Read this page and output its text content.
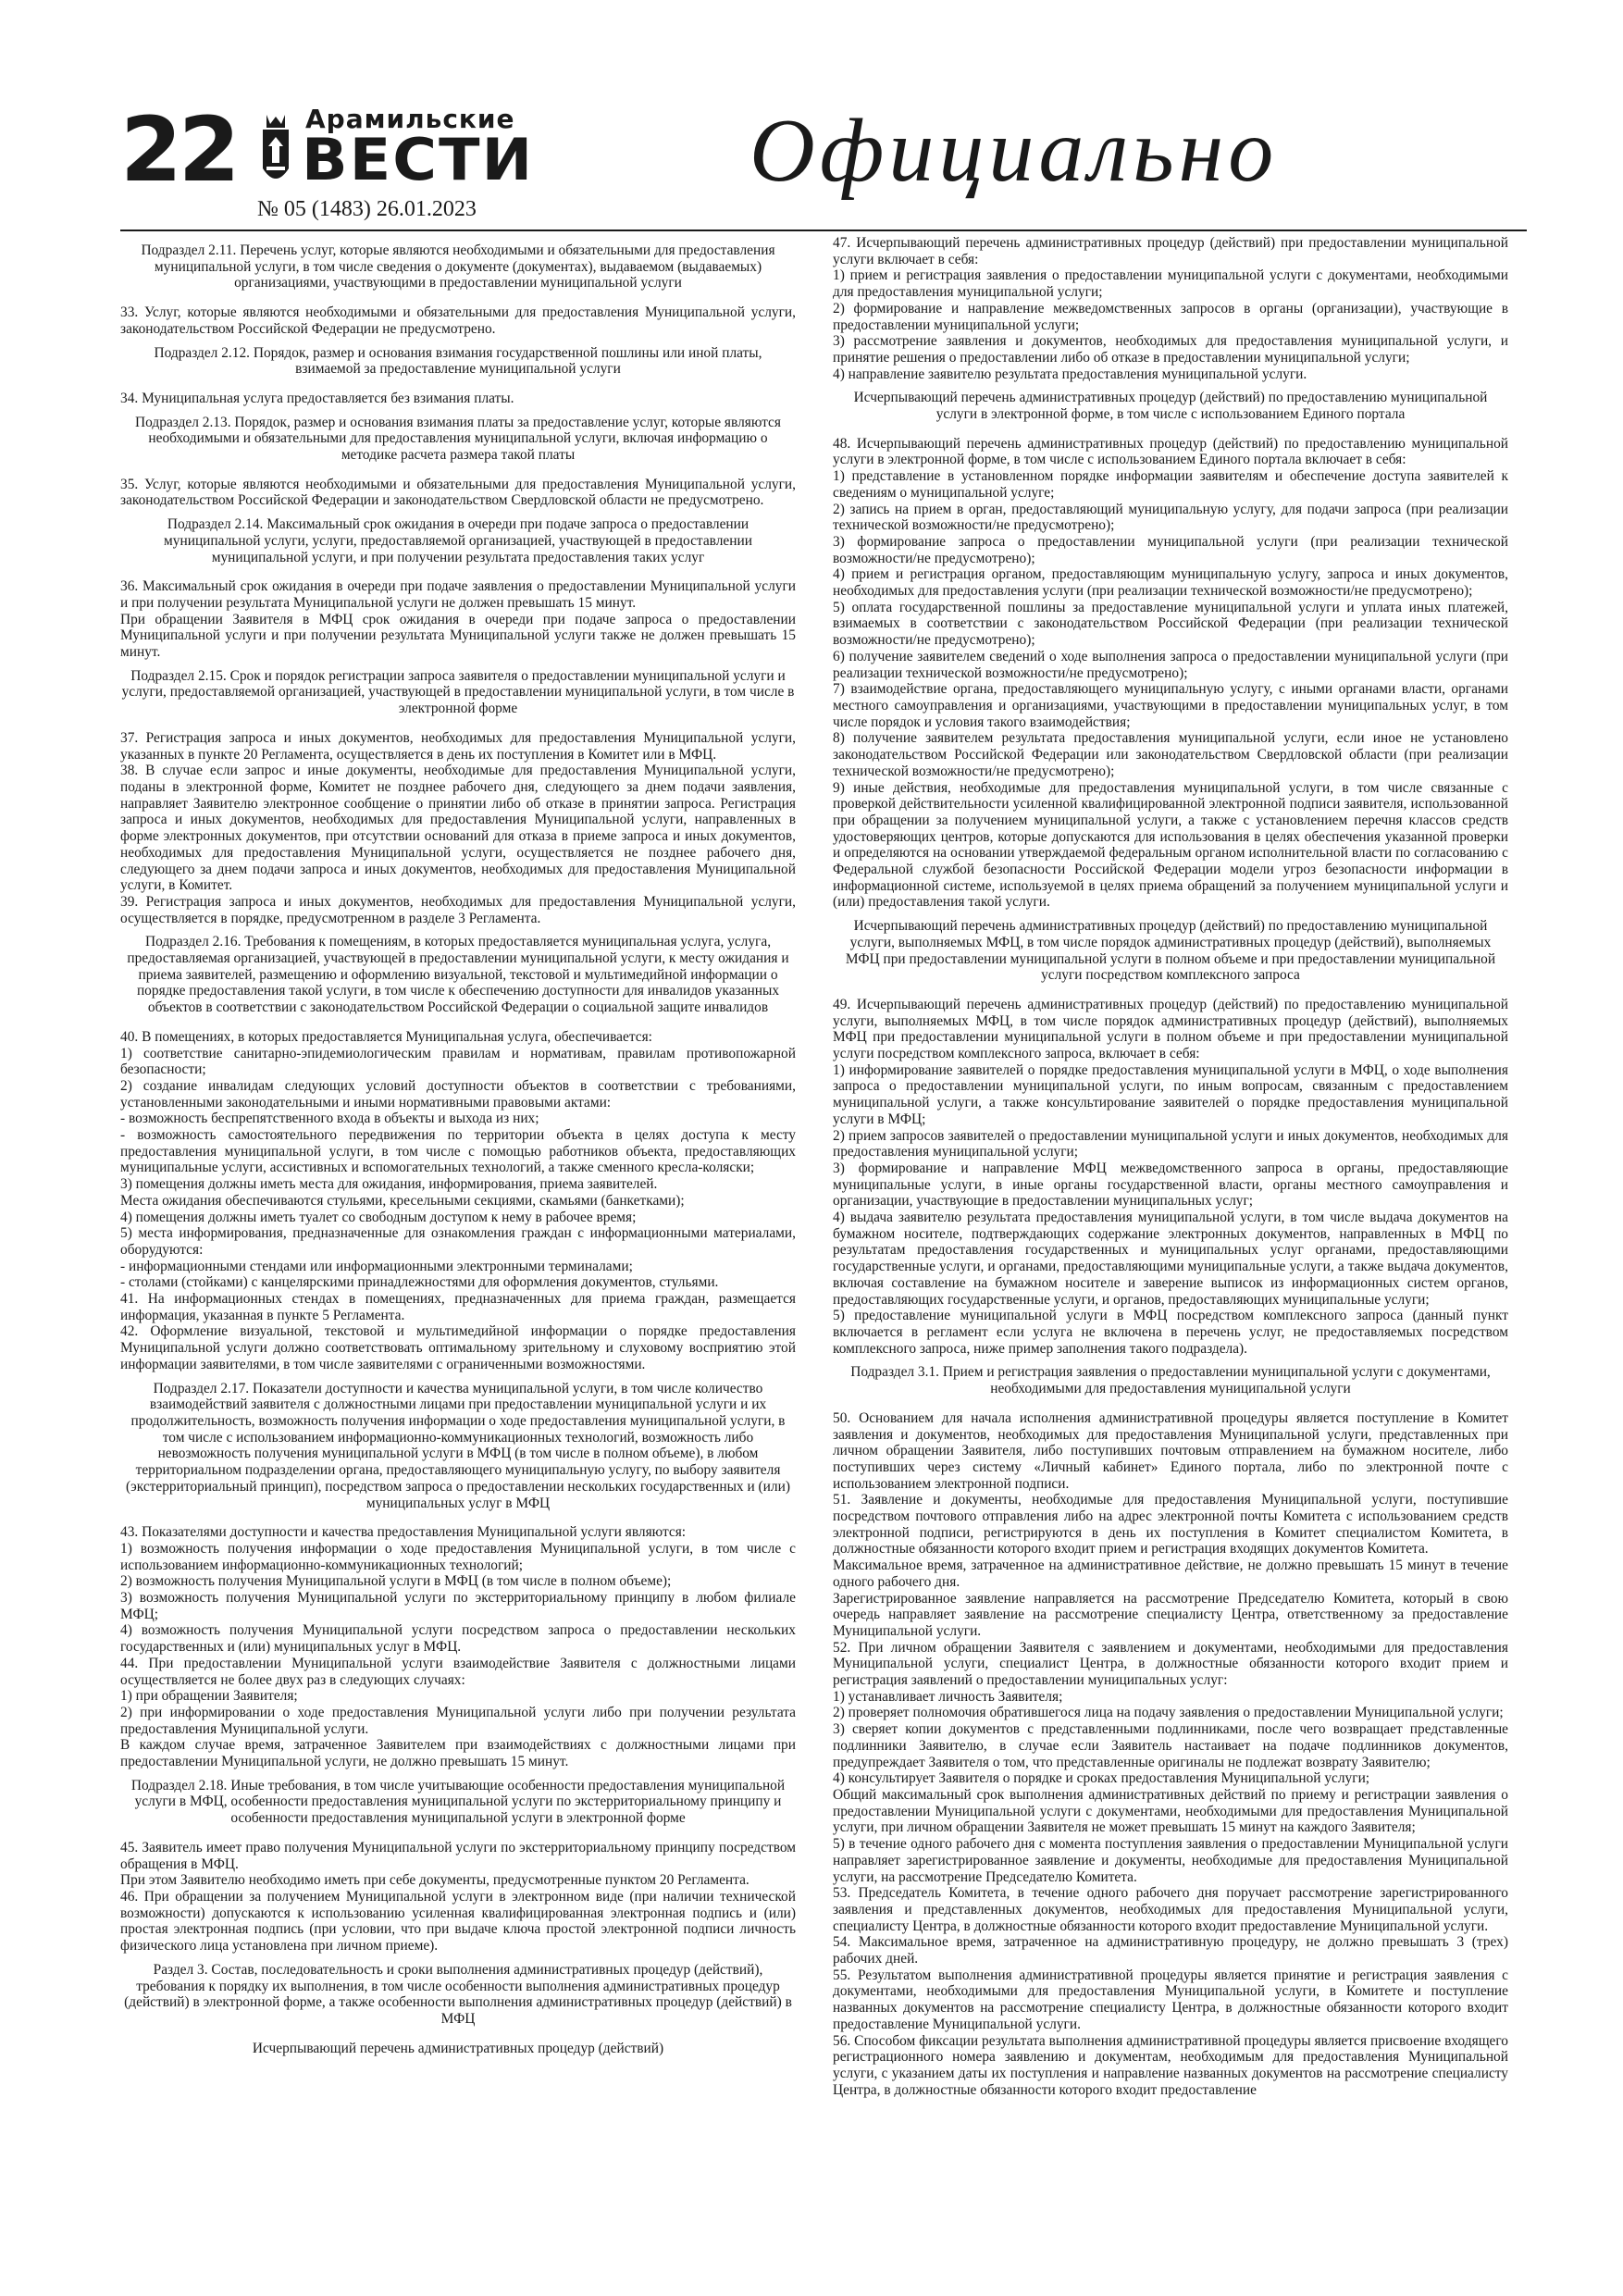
22	Арамильские
ВЕСТИ
№ 05 (1483) 26.01.2023
Официально

Подраздел 2.11. Перечень услуг, которые являются необходимыми и обязательными для предоставления муниципальной услуги, в том числе сведения о документе (документах), выдаваемом (выдаваемых) организациями, участвующими в предоставлении муниципальной услуги

33. Услуг, которые являются необходимыми и обязательными для предоставления Муниципальной услуги, законодательством Российской Федерации не предусмотрено.

Подраздел 2.12. Порядок, размер и основания взимания государственной пошлины или иной платы, взимаемой за предоставление муниципальной услуги

34. Муниципальная услуга предоставляется без взимания платы.

Подраздел 2.13. Порядок, размер и основания взимания платы за предоставление услуг, которые являются необходимыми и обязательными для предоставления муниципальной услуги, включая информацию о методике расчета размера такой платы

35. Услуг, которые являются необходимыми и обязательными для предоставления Муниципальной услуги, законодательством Российской Федерации и законодательством Свердловской области не предусмотрено.

Подраздел 2.14. Максимальный срок ожидания в очереди при подаче запроса о предоставлении муниципальной услуги, услуги, предоставляемой организацией, участвующей в предоставлении муниципальной услуги, и при получении результата предоставления таких услуг

36. Максимальный срок ожидания в очереди при подаче заявления о предоставлении Муниципальной услуги и при получении результата Муниципальной услуги не должен превышать 15 минут.

При обращении Заявителя в МФЦ срок ожидания в очереди при подаче запроса о предоставлении Муниципальной услуги и при получении результата Муниципальной услуги также не должен превышать 15 минут.

Подраздел 2.15. Срок и порядок регистрации запроса заявителя о предоставлении муниципальной услуги и услуги, предоставляемой организацией, участвующей в предоставлении муниципальной услуги, в том числе в электронной форме

37. Регистрация запроса и иных документов, необходимых для предоставления Муниципальной услуги, указанных в пункте 20 Регламента, осуществляется в день их поступления в Комитет или в МФЦ.

38. В случае если запрос и иные документы, необходимые для предоставления Муниципальной услуги, поданы в электронной форме, Комитет не позднее рабочего дня, следующего за днем подачи заявления, направляет Заявителю электронное сообщение о принятии либо об отказе в принятии запроса. Регистрация запроса и иных документов, необходимых для предоставления Муниципальной услуги, направленных в форме электронных документов, при отсутствии оснований для отказа в приеме запроса и иных документов, необходимых для предоставления Муниципальной услуги, осуществляется не позднее рабочего дня, следующего за днем подачи запроса и иных документов, необходимых для предоставления Муниципальной услуги, в Комитет.

39. Регистрация запроса и иных документов, необходимых для предоставления Муниципальной услуги, осуществляется в порядке, предусмотренном в разделе 3 Регламента.

Подраздел 2.16. Требования к помещениям, в которых предоставляется муниципальная услуга, услуга, предоставляемая организацией, участвующей в предоставлении муниципальной услуги, к месту ожидания и приема заявителей, размещению и оформлению визуальной, текстовой и мультимедийной информации о порядке предоставления такой услуги, в том числе к обеспечению доступности для инвалидов указанных объектов в соответствии с законодательством Российской Федерации о социальной защите инвалидов

40. В помещениях, в которых предоставляется Муниципальная услуга, обеспечивается:

1) соответствие санитарно-эпидемиологическим правилам и нормативам, правилам противопожарной безопасности;

2) создание инвалидам следующих условий доступности объектов в соответствии с требованиями, установленными законодательными и иными нормативными правовыми актами:

- возможность беспрепятственного входа в объекты и выхода из них;

- возможность самостоятельного передвижения по территории объекта в целях доступа к месту предоставления муниципальной услуги, в том числе с помощью работников объекта, предоставляющих муниципальные услуги, ассистивных и вспомогательных технологий, а также сменного кресла-коляски;

3) помещения должны иметь места для ожидания, информирования, приема заявителей.

Места ожидания обеспечиваются стульями, кресельными секциями, скамьями (банкетками);

4) помещения должны иметь туалет со свободным доступом к нему в рабочее время;

5) места информирования, предназначенные для ознакомления граждан с информационными материалами, оборудуются:

- информационными стендами или информационными электронными терминалами;

- столами (стойками) с канцелярскими принадлежностями для оформления документов, стульями.

41. На информационных стендах в помещениях, предназначенных для приема граждан, размещается информация, указанная в пункте 5 Регламента.

42. Оформление визуальной, текстовой и мультимедийной информации о порядке предоставления Муниципальной услуги должно соответствовать оптимальному зрительному и слуховому восприятию этой информации заявителями, в том числе заявителями с ограниченными возможностями.

Подраздел 2.17. Показатели доступности и качества муниципальной услуги, в том числе количество взаимодействий заявителя с должностными лицами при предоставлении муниципальной услуги и их продолжительность, возможность получения информации о ходе предоставления муниципальной услуги, в том числе с использованием информационно-коммуникационных технологий, возможность либо невозможность получения муниципальной услуги в МФЦ (в том числе в полном объеме), в любом территориальном подразделении органа, предоставляющего муниципальную услугу, по выбору заявителя (экстерриториальный принцип), посредством запроса о предоставлении нескольких государственных и (или) муниципальных услуг в МФЦ

43. Показателями доступности и качества предоставления Муниципальной услуги являются:

1) возможность получения информации о ходе предоставления Муниципальной услуги, в том числе с использованием информационно-коммуникационных технологий;

2) возможность получения Муниципальной услуги в МФЦ (в том числе в полном объеме);

3) возможность получения Муниципальной услуги по экстерриториальному принципу в любом филиале МФЦ;

4) возможность получения Муниципальной услуги посредством запроса о предоставлении нескольких государственных и (или) муниципальных услуг в МФЦ.

44. При предоставлении Муниципальной услуги взаимодействие Заявителя с должностными лицами осуществляется не более двух раз в следующих случаях:

1) при обращении Заявителя;

2) при информировании о ходе предоставления Муниципальной услуги либо при получении результата предоставления Муниципальной услуги.

В каждом случае время, затраченное Заявителем при взаимодействиях с должностными лицами при предоставлении Муниципальной услуги, не должно превышать 15 минут.

Подраздел 2.18. Иные требования, в том числе учитывающие особенности предоставления муниципальной услуги в МФЦ, особенности предоставления муниципальной услуги по экстерриториальному принципу и особенности предоставления муниципальной услуги в электронной форме

45. Заявитель имеет право получения Муниципальной услуги по экстерриториальному принципу посредством обращения в МФЦ.

При этом Заявителю необходимо иметь при себе документы, предусмотренные пунктом 20 Регламента.

46. При обращении за получением Муниципальной услуги в электронном виде (при наличии технической возможности) допускаются к использованию усиленная квалифицированная электронная подпись и (или) простая электронная подпись (при условии, что при выдаче ключа простой электронной подписи личность физического лица установлена при личном приеме).

Раздел 3. Состав, последовательность и сроки выполнения административных процедур (действий), требования к порядку их выполнения, в том числе особенности выполнения административных процедур (действий) в электронной форме, а также особенности выполнения административных процедур (действий) в МФЦ

Исчерпывающий перечень административных процедур (действий)

47. Исчерпывающий перечень административных процедур (действий) при предоставлении муниципальной услуги включает в себя:

1) прием и регистрация заявления о предоставлении муниципальной услуги с документами, необходимыми для предоставления муниципальной услуги;

2) формирование и направление межведомственных запросов в органы (организации), участвующие в предоставлении муниципальной услуги;

3) рассмотрение заявления и документов, необходимых для предоставления муниципальной услуги, и принятие решения о предоставлении либо об отказе в предоставлении муниципальной услуги;

4) направление заявителю результата предоставления муниципальной услуги.

Исчерпывающий перечень административных процедур (действий) по предоставлению муниципальной услуги в электронной форме, в том числе с использованием Единого портала

48. Исчерпывающий перечень административных процедур (действий) по предоставлению муниципальной услуги в электронной форме, в том числе с использованием Единого портала включает в себя:

1) представление в установленном порядке информации заявителям и обеспечение доступа заявителей к сведениям о муниципальной услуге;

2) запись на прием в орган, предоставляющий муниципальную услугу, для подачи запроса (при реализации технической возможности/не предусмотрено);

3) формирование запроса о предоставлении муниципальной услуги (при реализации технической возможности/не предусмотрено);

4) прием и регистрация органом, предоставляющим муниципальную услугу, запроса и иных документов, необходимых для предоставления услуги (при реализации технической возможности/не предусмотрено);

5) оплата государственной пошлины за предоставление муниципальной услуги и уплата иных платежей, взимаемых в соответствии с законодательством Российской Федерации (при реализации технической возможности/не предусмотрено);

6) получение заявителем сведений о ходе выполнения запроса о предоставлении муниципальной услуги (при реализации технической возможности/не предусмотрено);

7) взаимодействие органа, предоставляющего муниципальную услугу, с иными органами власти, органами местного самоуправления и организациями, участвующими в предоставлении муниципальных услуг, в том числе порядок и условия такого взаимодействия;

8) получение заявителем результата предоставления муниципальной услуги, если иное не установлено законодательством Российской Федерации или законодательством Свердловской области (при реализации технической возможности/не предусмотрено);

9) иные действия, необходимые для предоставления муниципальной услуги, в том числе связанные с проверкой действительности усиленной квалифицированной электронной подписи заявителя, использованной при обращении за получением муниципальной услуги, а также с установлением перечня классов средств удостоверяющих центров, которые допускаются для использования в целях обеспечения указанной проверки и определяются на основании утверждаемой федеральным органом исполнительной власти по согласованию с Федеральной службой безопасности Российской Федерации модели угроз безопасности информации в информационной системе, используемой в целях приема обращений за получением муниципальной услуги и (или) предоставления такой услуги.

Исчерпывающий перечень административных процедур (действий) по предоставлению муниципальной услуги, выполняемых МФЦ, в том числе порядок административных процедур (действий), выполняемых МФЦ при предоставлении муниципальной услуги в полном объеме и при предоставлении муниципальной услуги посредством комплексного запроса

49. Исчерпывающий перечень административных процедур (действий) по предоставлению муниципальной услуги, выполняемых МФЦ, в том числе порядок административных процедур (действий), выполняемых МФЦ при предоставлении муниципальной услуги в полном объеме и при предоставлении муниципальной услуги посредством комплексного запроса, включает в себя:

1) информирование заявителей о порядке предоставления муниципальной услуги в МФЦ, о ходе выполнения запроса о предоставлении муниципальной услуги, по иным вопросам, связанным с предоставлением муниципальной услуги, а также консультирование заявителей о порядке предоставления муниципальной услуги в МФЦ;

2) прием запросов заявителей о предоставлении муниципальной услуги и иных документов, необходимых для предоставления муниципальной услуги;

3) формирование и направление МФЦ межведомственного запроса в органы, предоставляющие муниципальные услуги, в иные органы государственной власти, органы местного самоуправления и организации, участвующие в предоставлении муниципальных услуг;

4) выдача заявителю результата предоставления муниципальной услуги, в том числе выдача документов на бумажном носителе, подтверждающих содержание электронных документов, направленных в МФЦ по результатам предоставления государственных и муниципальных услуг органами, предоставляющими государственные услуги, и органами, предоставляющими муниципальные услуги, а также выдача документов, включая составление на бумажном носителе и заверение выписок из информационных систем органов, предоставляющих государственные услуги, и органов, предоставляющих муниципальные услуги;

5) предоставление муниципальной услуги в МФЦ посредством комплексного запроса (данный пункт включается в регламент если услуга не включена в перечень услуг, не предоставляемых посредством комплексного запроса, ниже пример заполнения такого подраздела).

Подраздел 3.1. Прием и регистрация заявления о предоставлении муниципальной услуги с документами, необходимыми для предоставления муниципальной услуги

50. Основанием для начала исполнения административной процедуры является поступление в Комитет заявления и документов, необходимых для предоставления Муниципальной услуги, представленных при личном обращении Заявителя, либо поступивших почтовым отправлением на бумажном носителе, либо поступивших через систему «Личный кабинет» Единого портала, либо по электронной почте с использованием электронной подписи.

51. Заявление и документы, необходимые для предоставления Муниципальной услуги, поступившие посредством почтового отправления либо на адрес электронной почты Комитета с использованием средств электронной подписи, регистрируются в день их поступления в Комитет специалистом Комитета, в должностные обязанности которого входит прием и регистрация входящих документов Комитета.

Максимальное время, затраченное на административное действие, не должно превышать 15 минут в течение одного рабочего дня.

Зарегистрированное заявление направляется на рассмотрение Председателю Комитета, который в свою очередь направляет заявление на рассмотрение специалисту Центра, ответственному за предоставление Муниципальной услуги.

52. При личном обращении Заявителя с заявлением и документами, необходимыми для предоставления Муниципальной услуги, специалист Центра, в должностные обязанности которого входит прием и регистрация заявлений о предоставлении муниципальных услуг:

1) устанавливает личность Заявителя;

2) проверяет полномочия обратившегося лица на подачу заявления о предоставлении Муниципальной услуги;

3) сверяет копии документов с представленными подлинниками, после чего возвращает представленные подлинники Заявителю, в случае если Заявитель настаивает на подаче подлинников документов, предупреждает Заявителя о том, что представленные оригиналы не подлежат возврату Заявителю;

4) консультирует Заявителя о порядке и сроках предоставления Муниципальной услуги;

Общий максимальный срок выполнения административных действий по приему и регистрации заявления о предоставлении Муниципальной услуги с документами, необходимыми для предоставления Муниципальной услуги, при личном обращении Заявителя не может превышать 15 минут на каждого Заявителя;

5) в течение одного рабочего дня с момента поступления заявления о предоставлении Муниципальной услуги направляет зарегистрированное заявление и документы, необходимые для предоставления Муниципальной услуги, на рассмотрение Председателю Комитета.

53. Председатель Комитета, в течение одного рабочего дня поручает рассмотрение зарегистрированного заявления и представленных документов, необходимых для предоставления Муниципальной услуги, специалисту Центра, в должностные обязанности которого входит предоставление Муниципальной услуги.

54. Максимальное время, затраченное на административную процедуру, не должно превышать 3 (трех) рабочих дней.

55. Результатом выполнения административной процедуры является принятие и регистрация заявления с документами, необходимыми для предоставления Муниципальной услуги, в Комитете и поступление названных документов на рассмотрение специалисту Центра, в должностные обязанности которого входит предоставление Муниципальной услуги.

56. Способом фиксации результата выполнения административной процедуры является присвоение входящего регистрационного номера заявлению и документам, необходимым для предоставления Муниципальной услуги, с указанием даты их поступления и направление названных документов на рассмотрение специалисту Центра, в должностные обязанности которого входит предоставление
